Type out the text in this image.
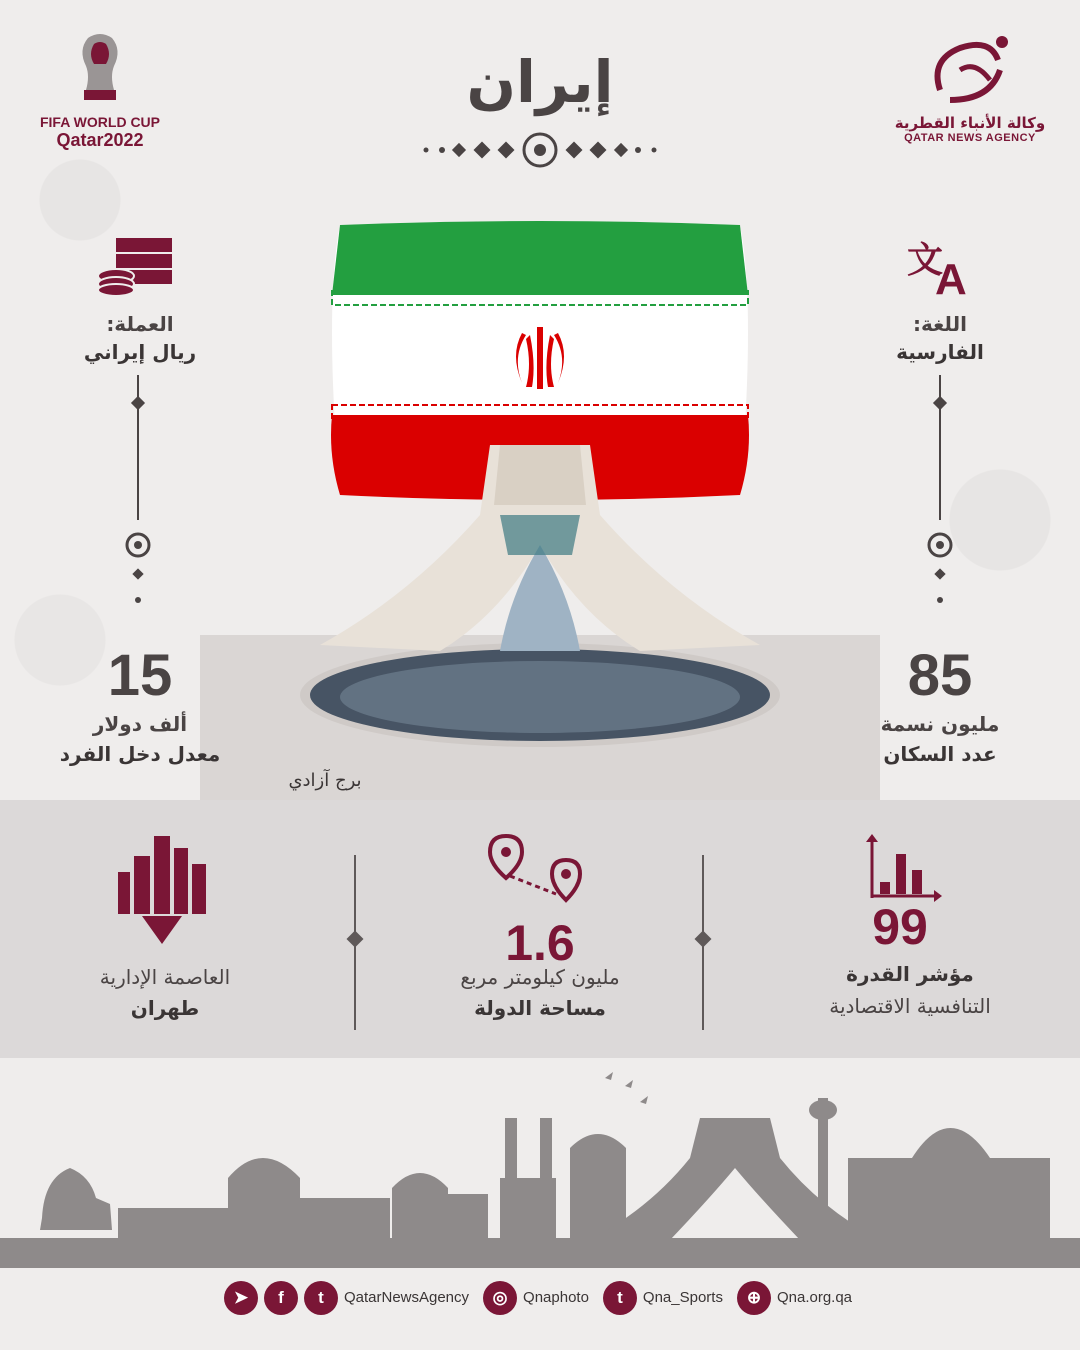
FIFA WORLD CUP
Qatar2022
وكالة الأنباء القطرية
QATAR NEWS AGENCY
إيران
برج آزادي
文
A
اللغة:
الفارسية
85
مليون نسمة
عدد السكان
العملة:
ريال إيراني
15
ألف دولار
معدل دخل الفرد
99
مؤشر القدرة
التنافسية الاقتصادية
1.6
مليون كيلومتر مربع
مساحة الدولة
العاصمة الإدارية
طهران
➤	f	t	QatarNewsAgency	◎	Qnaphoto	t	Qna_Sports	⊕	Qna.org.qa
